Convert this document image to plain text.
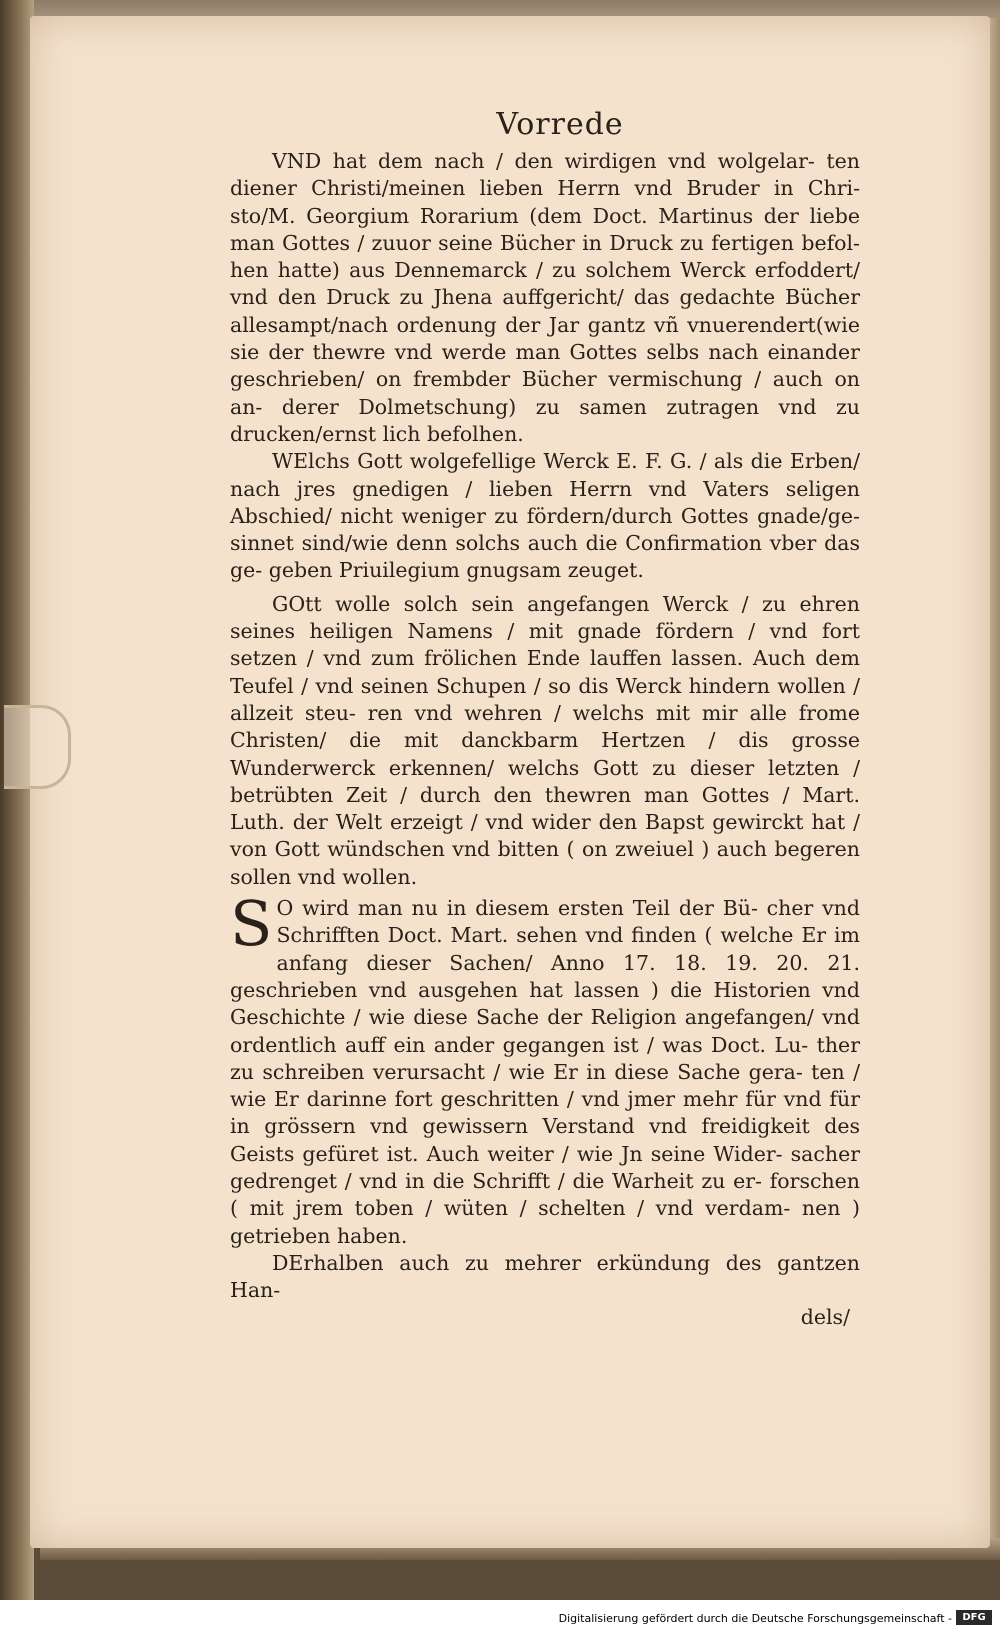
Vorrede

VND hat dem nach / den wirdigen vnd wolgelar- ten diener Christi/meinen lieben Herrn vnd Bruder in Chri- sto/M. Georgium Rorarium (dem Doct. Martinus der liebe man Gottes / zuuor seine Bücher in Druck zu fertigen befol- hen hatte) aus Dennemarck / zu solchem Werck erfoddert/ vnd den Druck zu Jhena auffgericht/ das gedachte Bücher allesampt/nach ordenung der Jar gantz vñ vnuerendert(wie sie der thewre vnd werde man Gottes selbs nach einander geschrieben/ on frembder Bücher vermischung / auch on an- derer Dolmetschung) zu samen zutragen vnd zu drucken/ernst lich befolhen.

WElchs Gott wolgefellige Werck E. F. G. / als die Erben/ nach jres gnedigen / lieben Herrn vnd Vaters seligen Abschied/ nicht weniger zu fördern/durch Gottes gnade/ge- sinnet sind/wie denn solchs auch die Confirmation vber das ge- geben Priuilegium gnugsam zeuget.

GOtt wolle solch sein angefangen Werck / zu ehren seines heiligen Namens / mit gnade fördern / vnd fort setzen / vnd zum frölichen Ende lauffen lassen. Auch dem Teufel / vnd seinen Schupen / so dis Werck hindern wollen / allzeit steu- ren vnd wehren / welchs mit mir alle frome Christen/ die mit danckbarm Hertzen / dis grosse Wunderwerck erkennen/ welchs Gott zu dieser letzten / betrübten Zeit / durch den thewren man Gottes / Mart. Luth. der Welt erzeigt / vnd wider den Bapst gewirckt hat / von Gott wündschen vnd bitten ( on zweiuel ) auch begeren sollen vnd wollen.

S O wird man nu in diesem ersten Teil der Bü- cher vnd Schrifften Doct. Mart. sehen vnd finden ( welche Er im anfang dieser Sachen/ Anno 17. 18. 19. 20. 21. geschrieben vnd ausgehen hat lassen ) die Historien vnd Geschichte / wie diese Sache der Religion angefangen/ vnd ordentlich auff ein ander gegangen ist / was Doct. Lu- ther zu schreiben verursacht / wie Er in diese Sache gera- ten / wie Er darinne fort geschritten / vnd jmer mehr für vnd für in grössern vnd gewissern Verstand vnd freidigkeit des Geists gefüret ist. Auch weiter / wie Jn seine Wider- sacher gedrenget / vnd in die Schrifft / die Warheit zu er- forschen ( mit jrem toben / wüten / schelten / vnd verdam- nen ) getrieben haben.

DErhalben auch zu mehrer erkündung des gantzen Han-

dels/

Digitalisierung gefördert durch die Deutsche Forschungsgemeinschaft -	DFG
